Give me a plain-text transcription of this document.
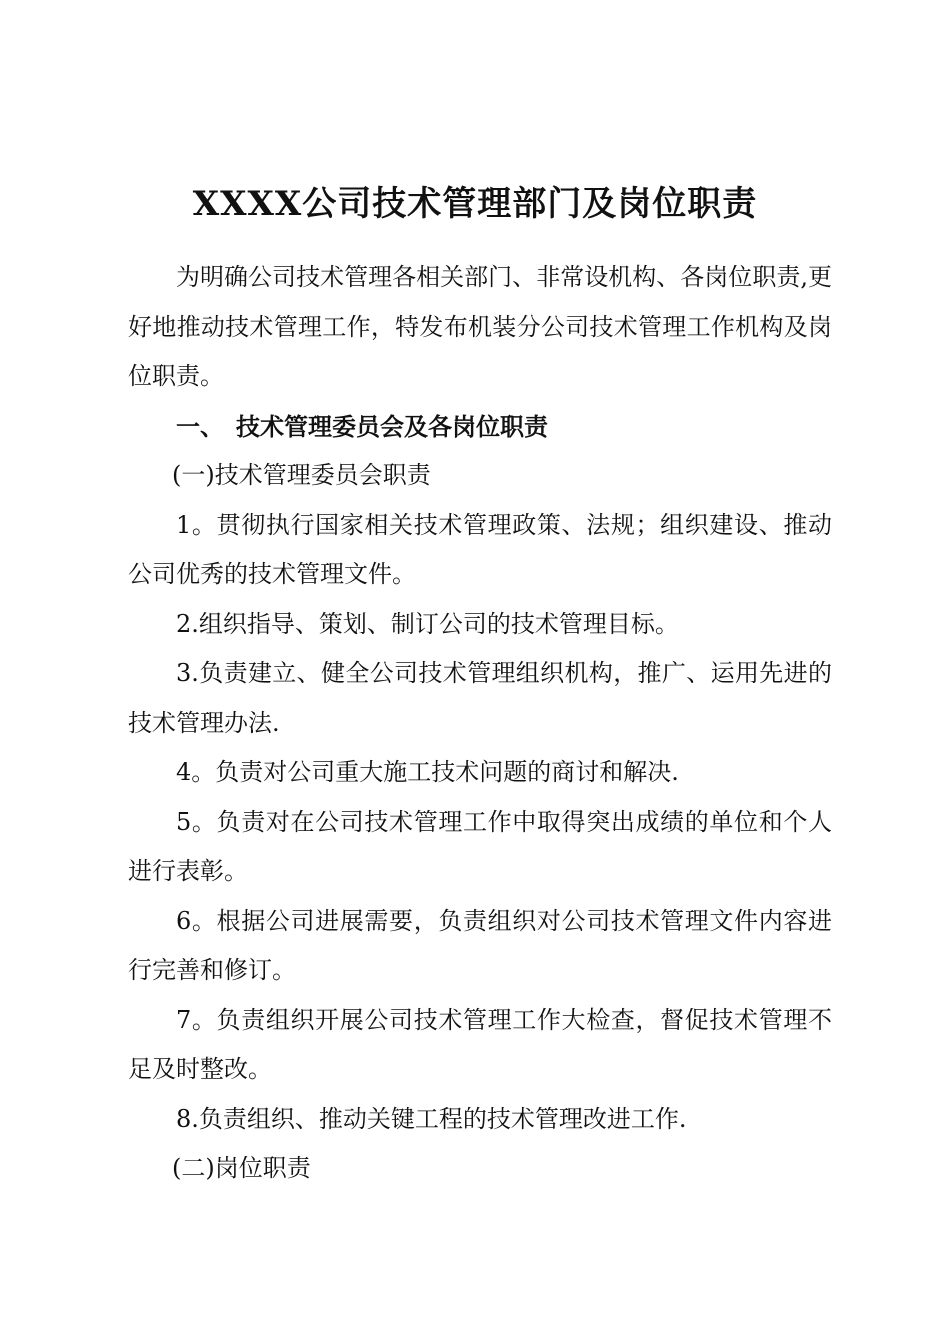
XXXX公司技术管理部门及岗位职责

为明确公司技术管理各相关部门、非常设机构、各岗位职责,更好地推动技术管理工作，特发布机装分公司技术管理工作机构及岗位职责。

一、 技术管理委员会及各岗位职责

(一)技术管理委员会职责

1。贯彻执行国家相关技术管理政策、法规；组织建设、推动公司优秀的技术管理文件。

2.组织指导、策划、制订公司的技术管理目标。

3.负责建立、健全公司技术管理组织机构，推广、运用先进的技术管理办法.

4。负责对公司重大施工技术问题的商讨和解决.

5。负责对在公司技术管理工作中取得突出成绩的单位和个人进行表彰。

6。根据公司进展需要，负责组织对公司技术管理文件内容进行完善和修订。

7。负责组织开展公司技术管理工作大检查，督促技术管理不足及时整改。

8.负责组织、推动关键工程的技术管理改进工作.

(二)岗位职责
